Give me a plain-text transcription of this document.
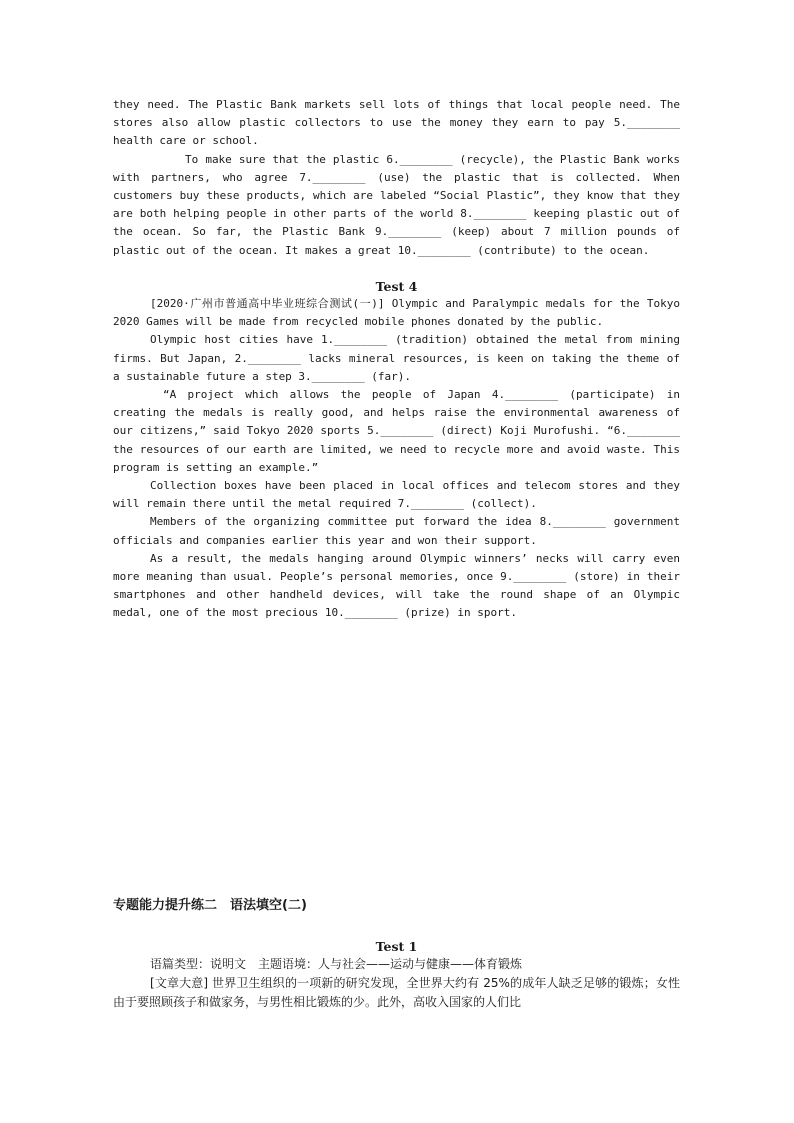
they need. The Plastic Bank markets sell lots of things that local people need. The stores also allow plastic collectors to use the money they earn to pay 5.________ health care or school.

To make sure that the plastic 6.________ (recycle), the Plastic Bank works with partners, who agree 7.________ (use) the plastic that is collected. When customers buy these products, which are labeled “Social Plastic”, they know that they are both helping people in other parts of the world 8.________ keeping plastic out of the ocean. So far, the Plastic Bank 9.________ (keep) about 7 million pounds of plastic out of the ocean. It makes a great 10.________ (contribute) to the ocean.

Test 4

[2020·广州市普通高中毕业班综合测试(一)] Olympic and Paralympic medals for the Tokyo 2020 Games will be made from recycled mobile phones donated by the public.

Olympic host cities have 1.________ (tradition) obtained the metal from mining firms. But Japan, 2.________ lacks mineral resources, is keen on taking the theme of a sustainable future a step 3.________ (far).

“A project which allows the people of Japan 4.________ (participate) in creating the medals is really good, and helps raise the environmental awareness of our citizens,” said Tokyo 2020 sports 5.________ (direct) Koji Murofushi. “6.________ the resources of our earth are limited, we need to recycle more and avoid waste. This program is setting an example.”

Collection boxes have been placed in local offices and telecom stores and they will remain there until the metal required 7.________ (collect).

Members of the organizing committee put forward the idea 8.________ government officials and companies earlier this year and won their support.

As a result, the medals hanging around Olympic winners’ necks will carry even more meaning than usual. People’s personal memories, once 9.________ (store) in their smartphones and other handheld devices, will take the round shape of an Olympic medal, one of the most precious 10.________ (prize) in sport.

专题能力提升练二　语法填空(二)

Test 1

语篇类型：说明文　主题语境：人与社会——运动与健康——体育锻炼

[文章大意] 世界卫生组织的一项新的研究发现，全世界大约有 25%的成年人缺乏足够的锻炼；女性由于要照顾孩子和做家务，与男性相比锻炼的少。此外，高收入国家的人们比
